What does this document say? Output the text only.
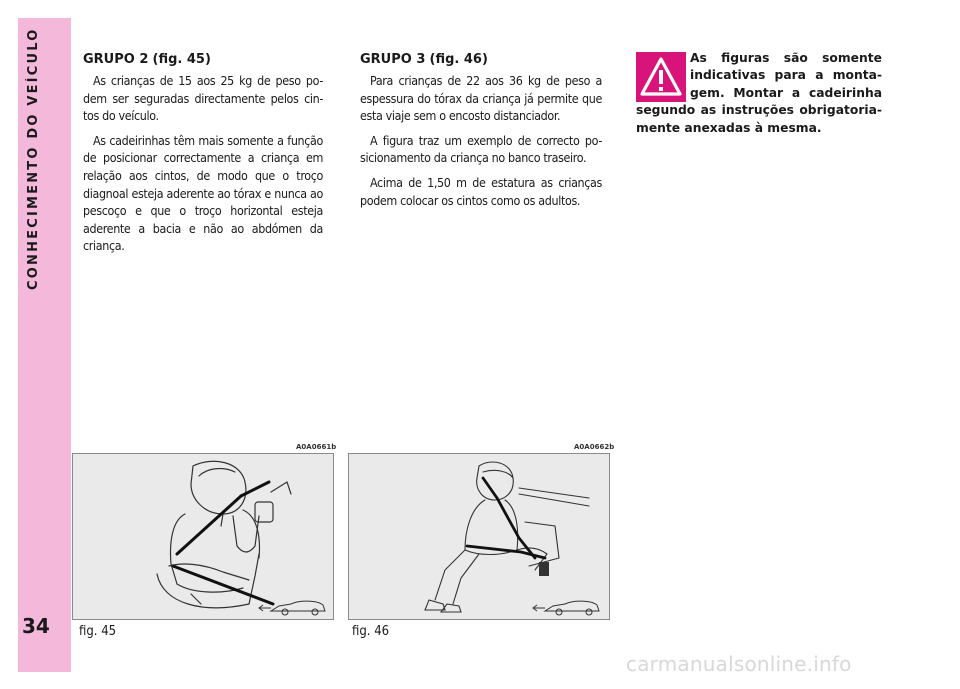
CONHECIMENTO DO VEÍCULO
34

GRUPO 2 (fig. 45)

As crianças de 15 aos 25 kg de peso po-dem ser seguradas directamente pelos cin-tos do veículo.

As cadeirinhas têm mais somente a função de posicionar correctamente a criança em relação aos cintos, de modo que o troço diagnoal esteja aderente ao tórax e nunca ao pescoço e que o troço horizontal esteja aderente a bacia e não ao abdómen da criança.

GRUPO 3 (fig. 46)

Para crianças de 22 aos 36 kg de peso a espessura do tórax da criança já permite que esta viaje sem o encosto distanciador.

A figura traz um exemplo de correcto po-sicionamento da criança no banco traseiro.

Acima de 1,50 m de estatura as crianças podem colocar os cintos como os adultos.

As figuras são somente indicativas para a monta-gem. Montar a cadeirinha segundo as instruções obrigatoria-mente anexadas à mesma.

A0A0661b
fig. 45
A0A0662b
fig. 46
carmanualsonline.info
